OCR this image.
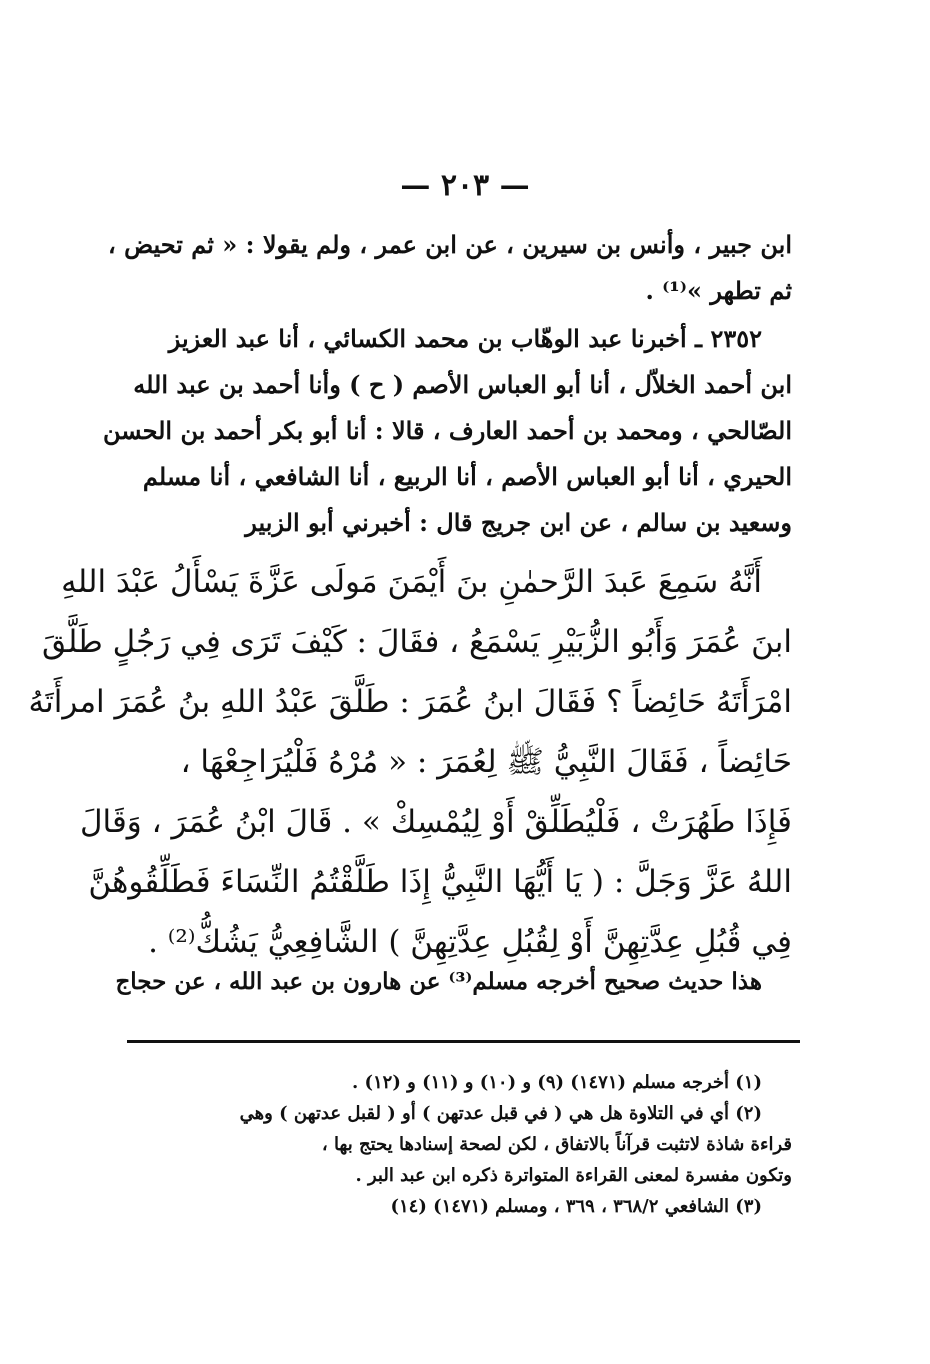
— ٢٠٣ —
ابن جبير ، وأنس بن سيرين ، عن ابن عمر ، ولم يقولا : « ثم تحيض ،
ثم تطهر »⁽¹⁾ .
٢٣٥٢ ـ أخبرنا عبد الوهّاب بن محمد الكسائي ، أنا عبد العزيز
ابن أحمد الخلاّل ، أنا أبو العباس الأصم ( ح ) وأنا أحمد بن عبد الله
الصّالحي ، ومحمد بن أحمد العارف ، قالا : أنا أبو بكر أحمد بن الحسن
الحيري ، أنا أبو العباس الأصم ، أنا الربيع ، أنا الشافعي ، أنا مسلم
وسعيد بن سالم ، عن ابن جريج قال : أخبرني أبو الزبير
أَنَّهُ سَمِعَ عَبدَ الرَّحمٰنِ بنَ أَيْمَنَ مَولَى عَزَّةَ يَسْأَلُ عَبْدَ اللهِ
ابنَ عُمَرَ وَأَبُو الزُّبَيْرِ يَسْمَعُ ، فقَالَ : كَيْفَ تَرَى فِي رَجُلٍ طَلَّقَ
امْرَأَتَهُ حَائِضاً ؟ فَقَالَ ابنُ عُمَرَ : طَلَّقَ عَبْدُ اللهِ بنُ عُمَرَ امرأَتَهُ
حَائِضاً ، فَقَالَ النَّبِيُّ ﷺ لِعُمَرَ : « مُرْهُ فَلْيُرَاجِعْهَا ،
فَإِذَا طَهُرَتْ ، فَلْيُطَلِّقْ أَوْ لِيُمْسِكْ » . قَالَ ابْنُ عُمَرَ ، وَقَالَ
اللهُ عَزَّ وَجَلَّ : ( يَا أَيُّهَا النَّبِيُّ إِذَا طَلَّقْتُمُ النِّسَاءَ فَطَلِّقُوهُنَّ
فِي قُبُلِ عِدَّتِهِنَّ أَوْ لِقُبُلِ عِدَّتِهِنَّ ) الشَّافِعِيُّ يَشُكُّ⁽²⁾ .
هذا حديث صحيح أخرجه مسلم⁽³⁾ عن هارون بن عبد الله ، عن حجاج
(١) أخرجه مسلم (١٤٧١) (٩) و (١٠) و (١١) و (١٢) .
(٢) أي في التلاوة هل هي ( في قبل عدتهن ) أو ( لقبل عدتهن ) وهي
قراءة شاذة لاتثبت قرآناً بالاتفاق ، لكن لصحة إسنادها يحتج بها ،
وتكون مفسرة لمعنى القراءة المتواترة ذكره ابن عبد البر .
(٣) الشافعي ٣٦٨/٢ ، ٣٦٩ ، ومسلم (١٤٧١) (١٤)
